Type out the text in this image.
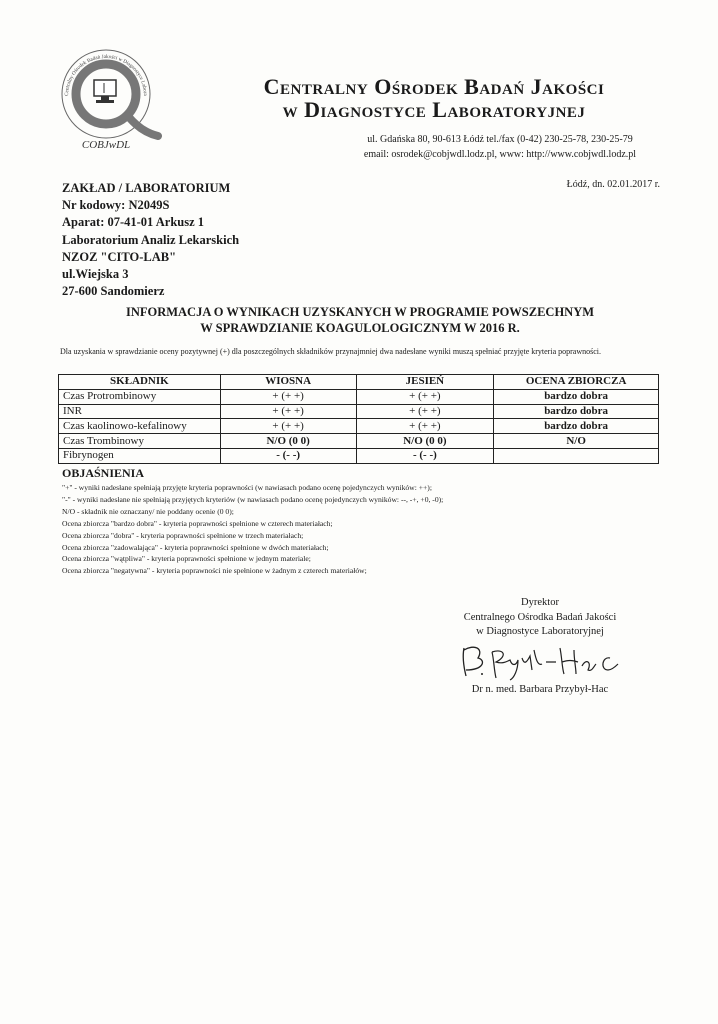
Centralny Ośrodek Badań Jakości w Diagnostyce Labora
COBJwDL
Centralny Ośrodek Badań Jakości
w Diagnostyce Laboratoryjnej
ul. Gdańska 80, 90-613 Łódź tel./fax (0-42) 230-25-78, 230-25-79
email: osrodek@cobjwdl.lodz.pl, www: http://www.cobjwdl.lodz.pl
Łódź, dn. 02.01.2017 r.
ZAKŁAD / LABORATORIUM
Nr kodowy: N2049S
Aparat: 07-41-01 Arkusz 1
Laboratorium Analiz Lekarskich
NZOZ "CITO-LAB"
ul.Wiejska 3
27-600 Sandomierz
INFORMACJA O WYNIKACH UZYSKANYCH W PROGRAMIE POWSZECHNYM
W SPRAWDZIANIE KOAGULOLOGICZNYM W 2016 R.
Dla uzyskania w sprawdzianie oceny pozytywnej (+) dla poszczególnych składników przynajmniej dwa nadesłane wyniki muszą spełniać przyjęte kryteria poprawności.
SKŁADNIK	WIOSNA	JESIEŃ	OCENA ZBIORCZA
Czas Protrombinowy	+ (+ +)	+ (+ +)	bardzo dobra
INR	+ (+ +)	+ (+ +)	bardzo dobra
Czas kaolinowo-kefalinowy	+ (+ +)	+ (+ +)	bardzo dobra
Czas Trombinowy	N/O (0 0)	N/O (0 0)	N/O
Fibrynogen	- (- -)	- (- -)	
OBJAŚNIENIA
"+" - wyniki nadesłane spełniają przyjęte kryteria poprawności (w nawiasach podano ocenę pojedynczych wyników: ++);
"-" - wyniki nadesłane nie spełniają przyjętych kryteriów (w nawiasach podano ocenę pojedynczych wyników: --, -+, +0, -0);
N/O - składnik nie oznaczany/ nie poddany ocenie (0 0);
Ocena zbiorcza "bardzo dobra" - kryteria poprawności spełnione w czterech materiałach;
Ocena zbiorcza "dobra" - kryteria poprawności spełnione w trzech materiałach;
Ocena zbiorcza "zadowalająca" - kryteria poprawności spełnione w dwóch materiałach;
Ocena zbiorcza "wątpliwa" - kryteria poprawności spełnione w jednym materiale;
Ocena zbiorcza "negatywna" - kryteria poprawności nie spełnione w żadnym z czterech materiałów;
Dyrektor
Centralnego Ośrodka Badań Jakości
w Diagnostyce Laboratoryjnej
Dr n. med. Barbara Przybył-Hac
